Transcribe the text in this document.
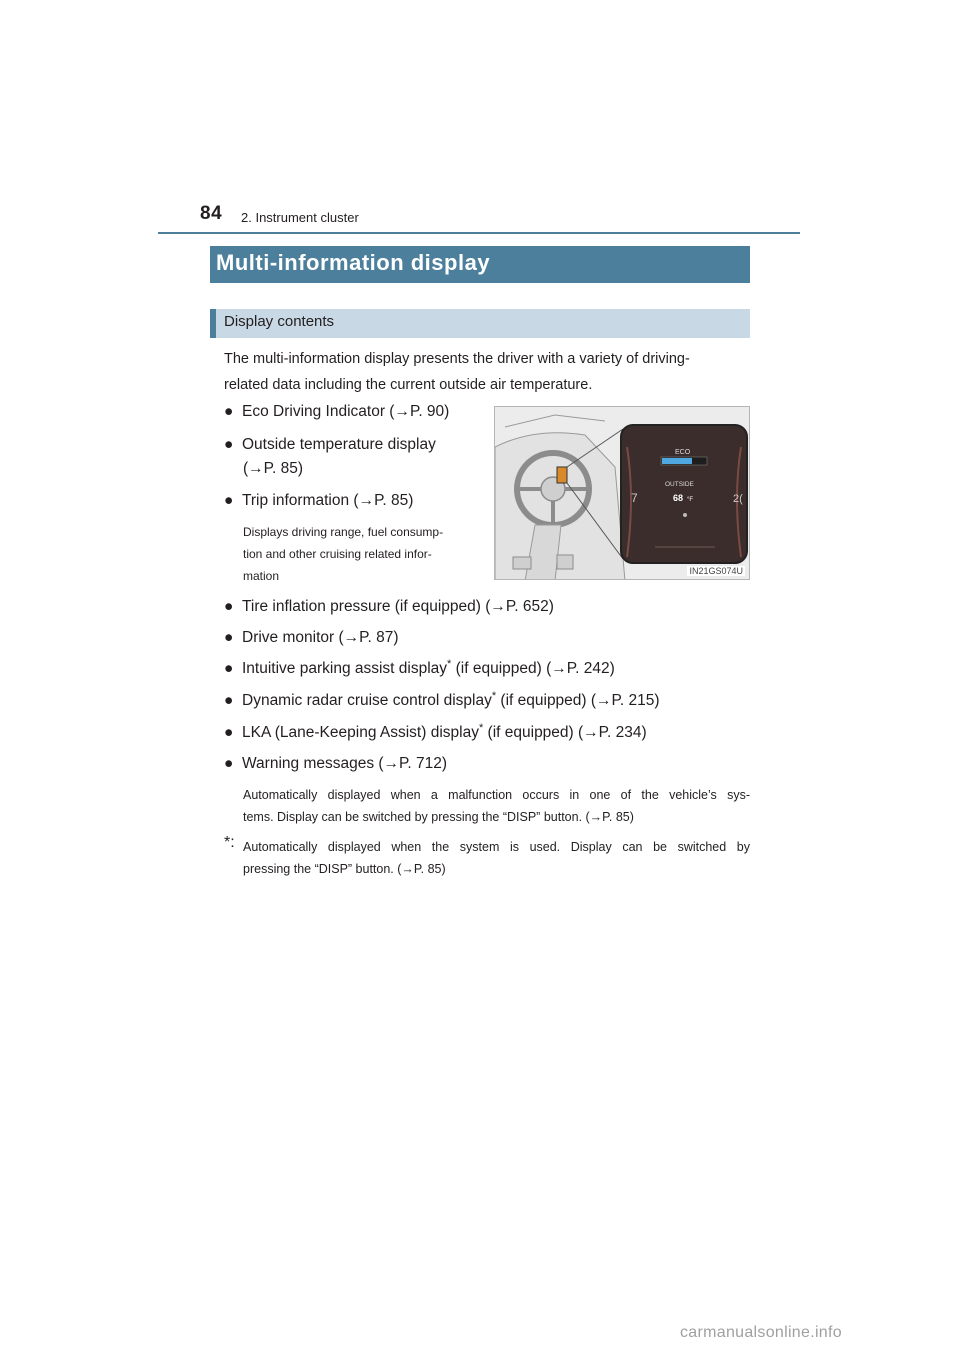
84 2. Instrument cluster
Multi-information display
Display contents
The multi-information display presents the driver with a variety of driving-
related data including the current outside air temperature.
● Eco Driving Indicator (→P. 90)
● Outside temperature display
(→P. 85)
● Trip information (→P. 85)
Displays driving range, fuel consump-
tion and other cruising related infor-
mation
ECO
OUTSIDE
68 °F
7	2(
IN21GS074U
● Tire inflation pressure (if equipped) (→P. 652)
● Drive monitor (→P. 87)
● Intuitive parking assist display* (if equipped) (→P. 242)
● Dynamic radar cruise control display* (if equipped) (→P. 215)
● LKA (Lane-Keeping Assist) display* (if equipped) (→P. 234)
● Warning messages (→P. 712)
Automatically displayed when a malfunction occurs in one of the vehicle’s sys-
tems. Display can be switched by pressing the “DISP” button. (→P. 85)
*: Automatically displayed when the system is used. Display can be switched by
pressing the “DISP” button. (→P. 85)
carmanualsonline.info
